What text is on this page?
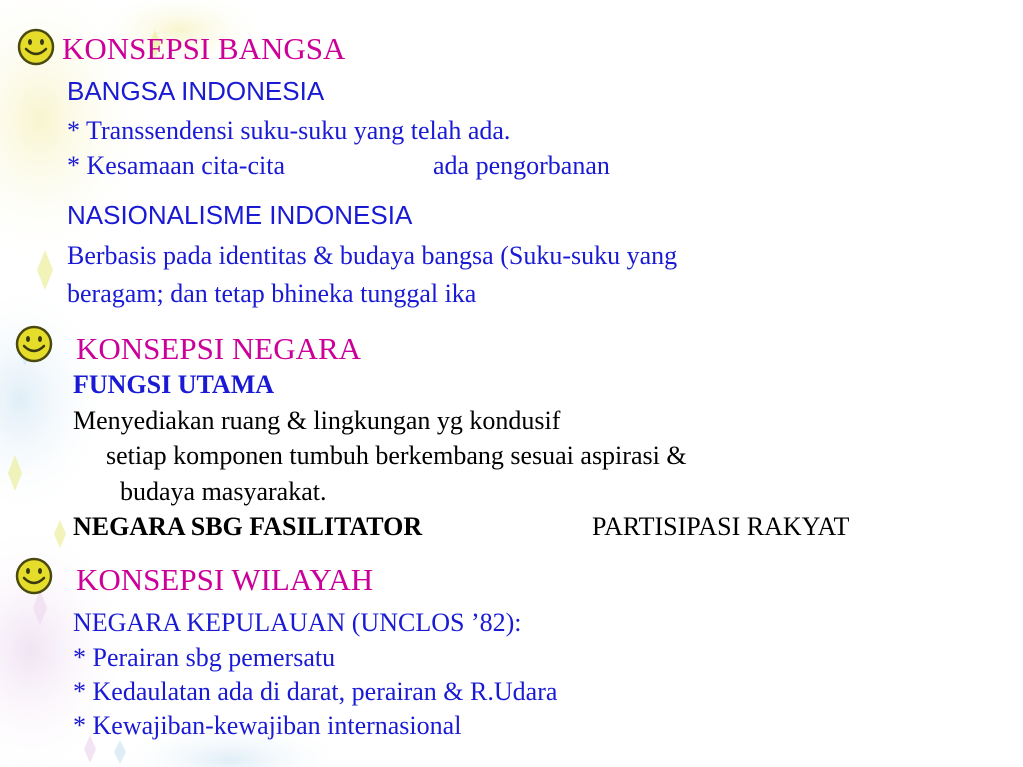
KONSEPSI BANGSA
BANGSA INDONESIA
* Transsendensi suku-suku yang telah ada.
* Kesamaan cita-cita	ada pengorbanan
NASIONALISME INDONESIA
Berbasis pada identitas & budaya bangsa (Suku-suku yang
beragam; dan tetap bhineka tunggal ika
KONSEPSI NEGARA
FUNGSI UTAMA
Menyediakan ruang & lingkungan yg kondusif
setiap komponen tumbuh berkembang sesuai aspirasi &
budaya masyarakat.
NEGARA SBG FASILITATOR	PARTISIPASI RAKYAT
KONSEPSI WILAYAH
NEGARA KEPULAUAN (UNCLOS ’82):
* Perairan sbg pemersatu
* Kedaulatan ada di darat, perairan & R.Udara
* Kewajiban-kewajiban internasional
